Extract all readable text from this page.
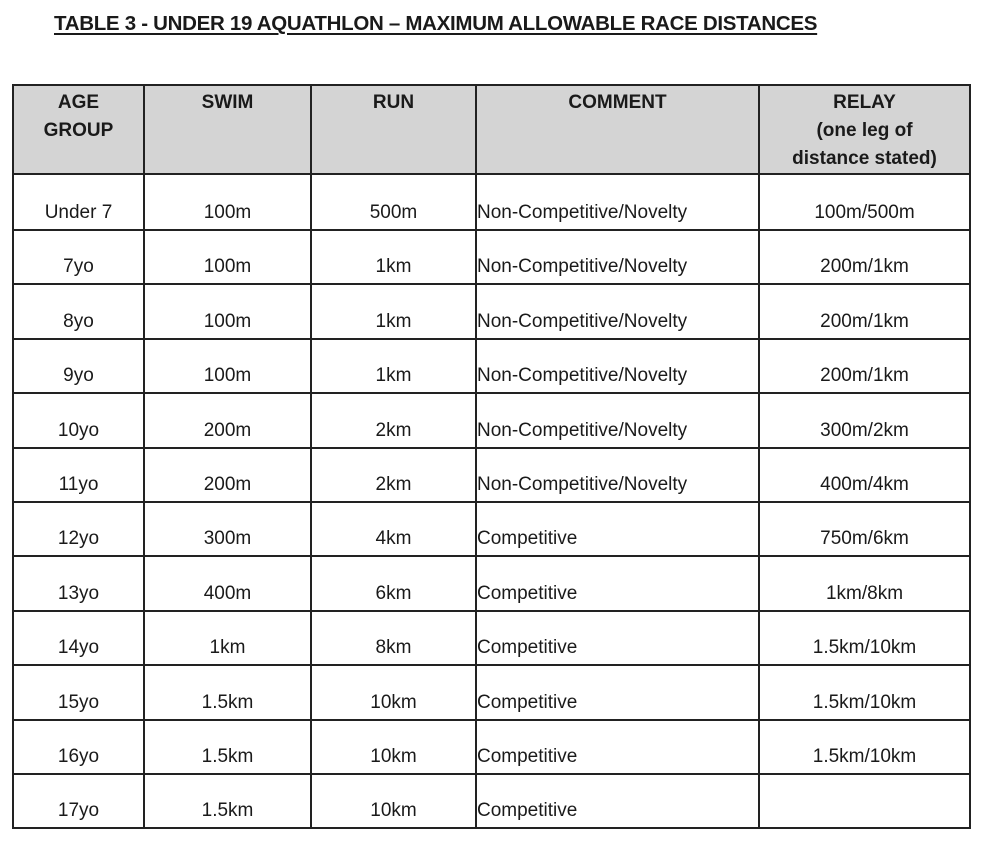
TABLE 3 - UNDER 19 AQUATHLON – MAXIMUM ALLOWABLE RACE DISTANCES
AGE
GROUP	SWIM	RUN	COMMENT	RELAY
(one leg of
distance stated)

Under 7	100m	500m	Non-Competitive/Novelty	100m/500m
7yo	100m	1km	Non-Competitive/Novelty	200m/1km
8yo	100m	1km	Non-Competitive/Novelty	200m/1km
9yo	100m	1km	Non-Competitive/Novelty	200m/1km
10yo	200m	2km	Non-Competitive/Novelty	300m/2km
11yo	200m	2km	Non-Competitive/Novelty	400m/4km
12yo	300m	4km	Competitive	750m/6km
13yo	400m	6km	Competitive	1km/8km
14yo	1km	8km	Competitive	1.5km/10km
15yo	1.5km	10km	Competitive	1.5km/10km
16yo	1.5km	10km	Competitive	1.5km/10km
17yo	1.5km	10km	Competitive	
